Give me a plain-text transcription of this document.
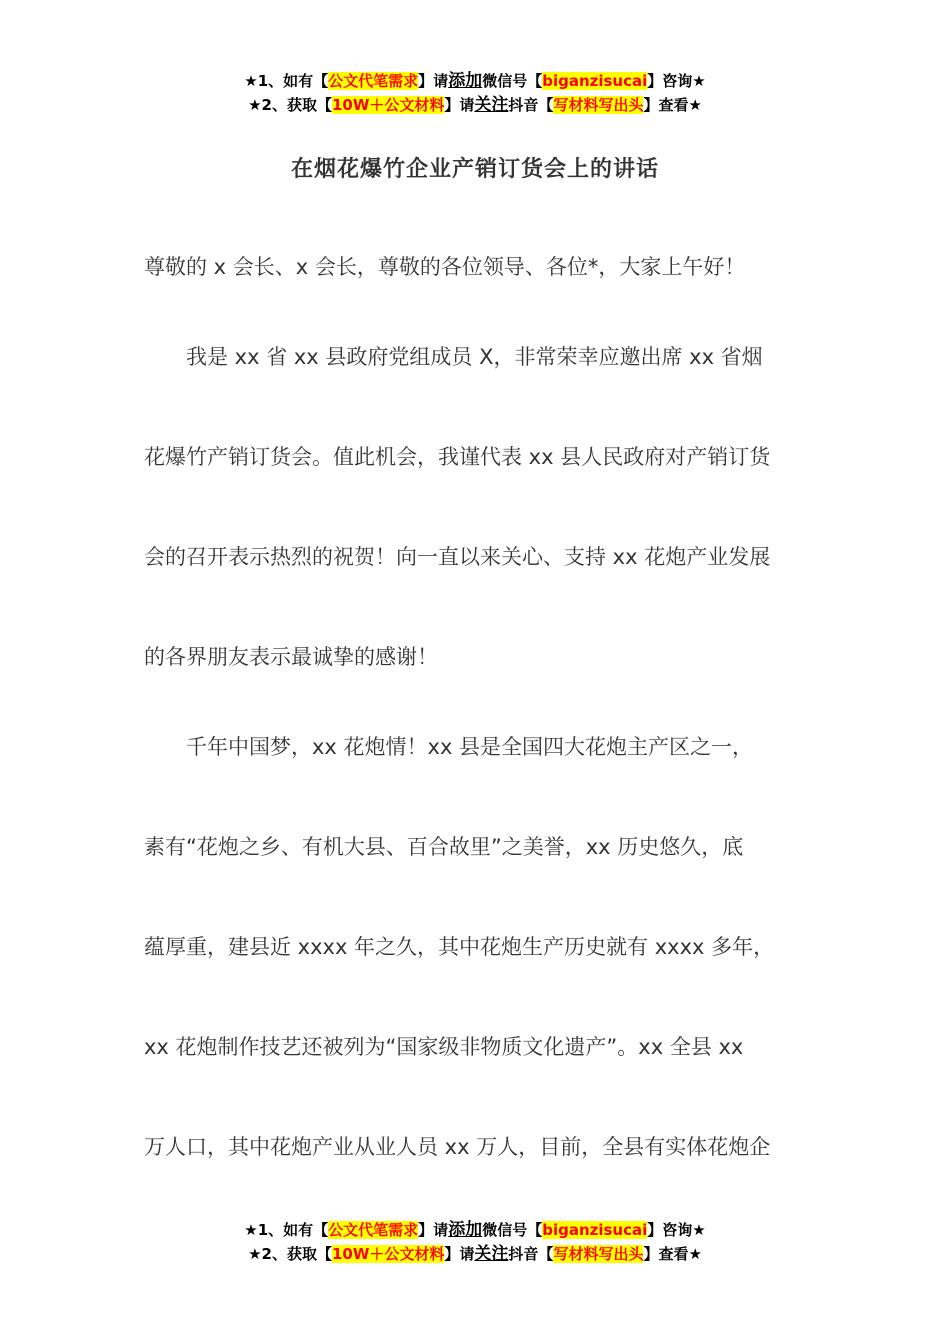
★1、如有【公文代笔需求】请添加微信号【biganzisucai】咨询★
★2、获取【10W＋公文材料】请关注抖音【写材料写出头】查看★
在烟花爆竹企业产销订货会上的讲话
尊敬的 x 会长、x 会长，尊敬的各位领导、各位*，大家上午好！
　　我是 xx 省 xx 县政府党组成员 X，非常荣幸应邀出席 xx 省烟
花爆竹产销订货会。值此机会，我谨代表 xx 县人民政府对产销订货
会的召开表示热烈的祝贺！向一直以来关心、支持 xx 花炮产业发展
的各界朋友表示最诚挚的感谢！
　　千年中国梦，xx 花炮情！xx 县是全国四大花炮主产区之一，
素有“花炮之乡、有机大县、百合故里”之美誉，xx 历史悠久，底
蕴厚重，建县近 xxxx 年之久，其中花炮生产历史就有 xxxx 多年，
xx 花炮制作技艺还被列为“国家级非物质文化遗产”。xx 全县 xx
万人口，其中花炮产业从业人员 xx 万人，目前，全县有实体花炮企
★1、如有【公文代笔需求】请添加微信号【biganzisucai】咨询★
★2、获取【10W＋公文材料】请关注抖音【写材料写出头】查看★
